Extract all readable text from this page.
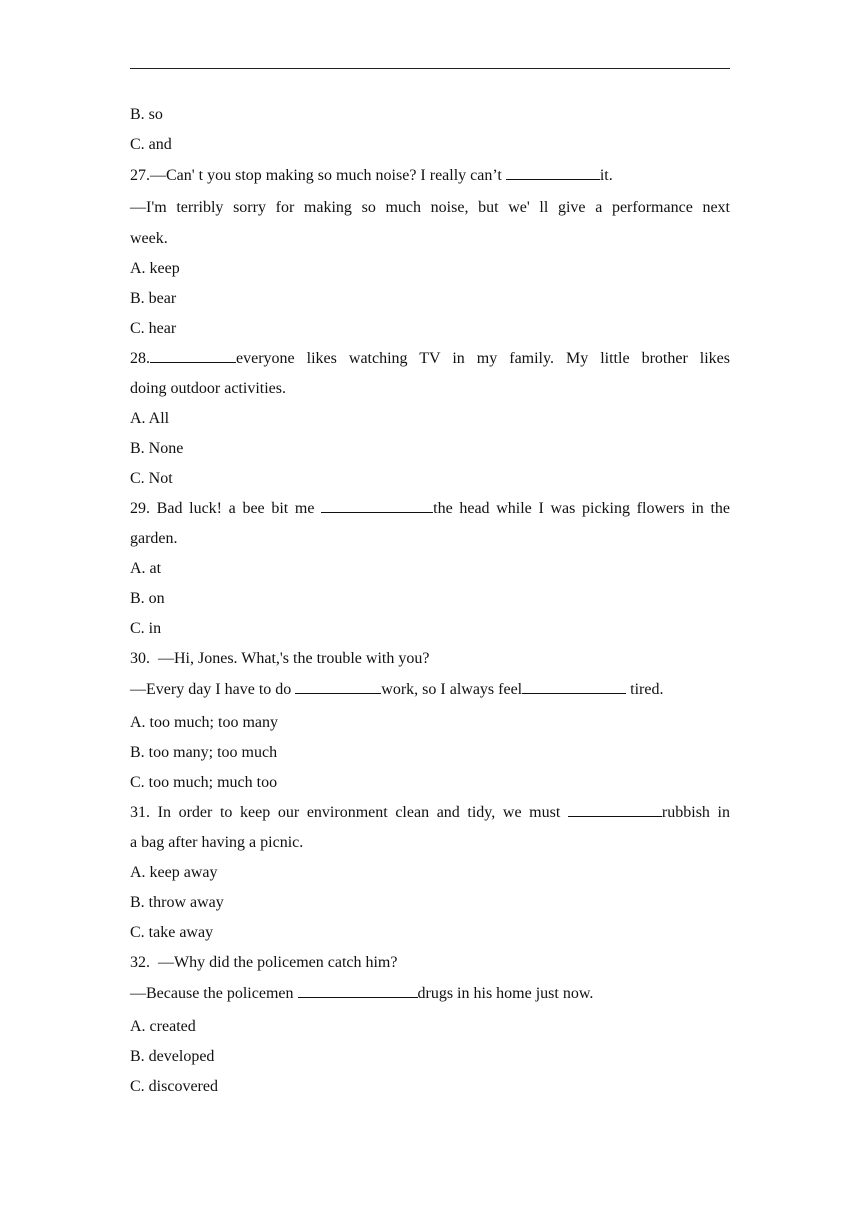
B. so
C. and
27.—Can' t you stop making so much noise? I really can’t	it.
—I'm terribly sorry for making so much noise, but we' ll give a performance next
week.
A. keep
B. bear
C. hear
28.	everyone likes watching TV in my family. My little brother likes
doing outdoor activities.
A. All
B. None
C. Not
29. Bad luck! a bee bit me	the head while I was picking flowers in the
garden.
A. at
B. on
C. in
30.  —Hi, Jones. What,'s the trouble with you?
—Every day I have to do	work, so I always feel	tired.
A. too much; too many
B. too many; too much
C. too much; much too
31. In order to keep our environment clean and tidy, we must	rubbish in
a bag after having a picnic.
A. keep away
B. throw away
C. take away
32.  —Why did the policemen catch him?
—Because the policemen	drugs in his home just now.
A. created
B. developed
C. discovered
